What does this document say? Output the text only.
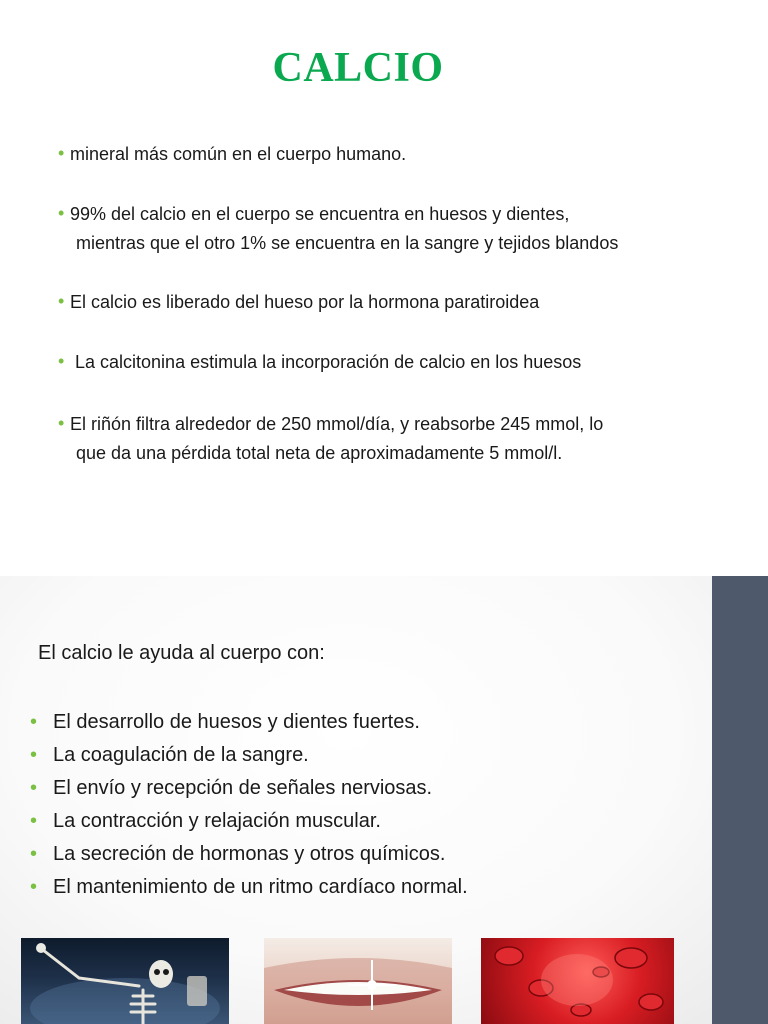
CALCIO
• mineral más común en el cuerpo humano.
• 99% del calcio en el cuerpo se encuentra en huesos y dientes,
mientras que el otro 1% se encuentra en la sangre y tejidos blandos
• El calcio es liberado del hueso por la hormona paratiroidea
• La calcitonina estimula la incorporación de calcio en los huesos
• El riñón filtra alrededor de 250 mmol/día, y reabsorbe 245 mmol, lo
que da una pérdida total neta de aproximadamente 5 mmol/l.
El calcio le ayuda al cuerpo con:
• El desarrollo de huesos y dientes fuertes.
• La coagulación de la sangre.
• El envío y recepción de señales nerviosas.
• La contracción y relajación muscular.
• La secreción de hormonas y otros químicos.
• El mantenimiento de un ritmo cardíaco normal.
